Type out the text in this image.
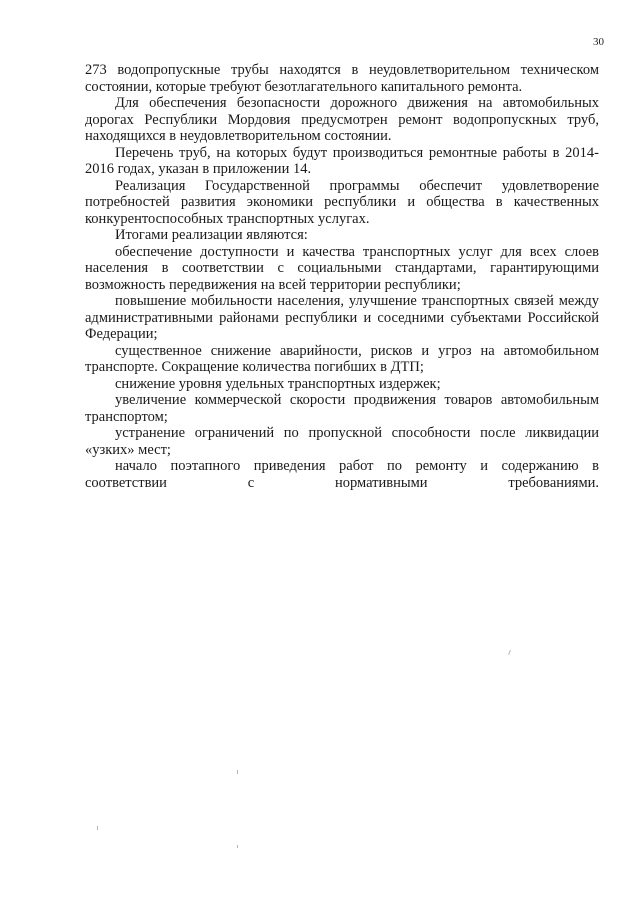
30

273 водопропускные трубы находятся в неудовлетворительном техническом состоянии, которые требуют безотлагательного капитального ремонта.

Для обеспечения безопасности дорожного движения на автомобильных дорогах Республики Мордовия предусмотрен ремонт водопропускных труб, находящихся в неудовлетворительном состоянии.

Перечень труб, на которых будут производиться ремонтные работы в 2014-2016 годах, указан в приложении 14.

Реализация Государственной программы обеспечит удовлетворение потребностей развития экономики республики и общества в качественных конкурентоспособных транспортных услугах.

Итогами реализации являются:

обеспечение доступности и качества транспортных услуг для всех слоев населения в соответствии с социальными стандартами, гарантирующими возможность передвижения на всей территории республики;

повышение мобильности населения, улучшение транспортных связей между административными районами республики и соседними субъектами Российской Федерации;

существенное снижение аварийности, рисков и угроз на автомобильном транспорте. Сокращение количества погибших в ДТП;

снижение уровня удельных транспортных издержек;

увеличение коммерческой скорости продвижения товаров автомобильным транспортом;

устранение ограничений по пропускной способности после ликвидации «узких» мест;

начало поэтапного приведения работ по ремонту и содержанию в соответствии с нормативными требованиями.
